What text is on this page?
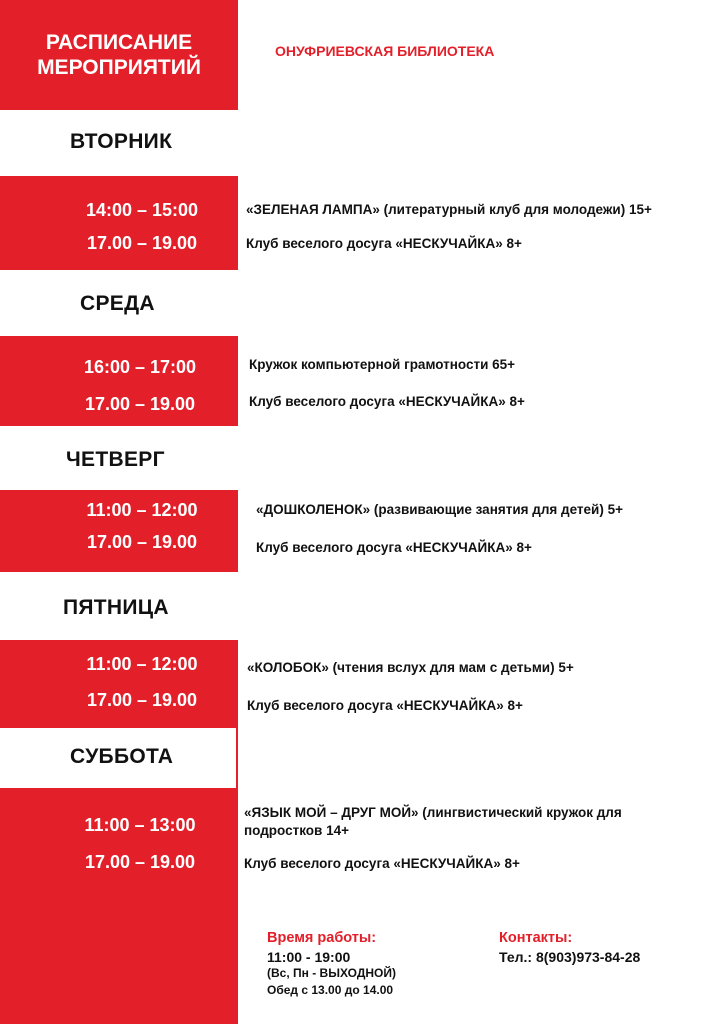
РАСПИСАНИЕ
МЕРОПРИЯТИЙ
ОНУФРИЕВСКАЯ БИБЛИОТЕКА
ВТОРНИК
СРЕДА
ЧЕТВЕРГ
ПЯТНИЦА
СУББОТА
14:00 – 15:00
17.00 – 19.00
«ЗЕЛЕНАЯ ЛАМПА» (литературный клуб для молодежи) 15+
Клуб веселого досуга «НЕСКУЧАЙКА» 8+
16:00 – 17:00
17.00 – 19.00
Кружок компьютерной грамотности 65+
Клуб веселого досуга «НЕСКУЧАЙКА» 8+
11:00 – 12:00
17.00 – 19.00
«ДОШКОЛЕНОК» (развивающие занятия для детей) 5+
Клуб веселого досуга «НЕСКУЧАЙКА» 8+
11:00 – 12:00
17.00 – 19.00
«КОЛОБОК» (чтения вслух для мам с детьми) 5+
Клуб веселого досуга «НЕСКУЧАЙКА» 8+
11:00 – 13:00
17.00 – 19.00
«ЯЗЫК МОЙ – ДРУГ МОЙ» (лингвистический кружок для подростков 14+
Клуб веселого досуга «НЕСКУЧАЙКА» 8+
Время работы:
11:00 - 19:00
(Вс, Пн - ВЫХОДНОЙ)
Обед с 13.00 до 14.00
Контакты:
Тел.: 8(903)973-84-28
